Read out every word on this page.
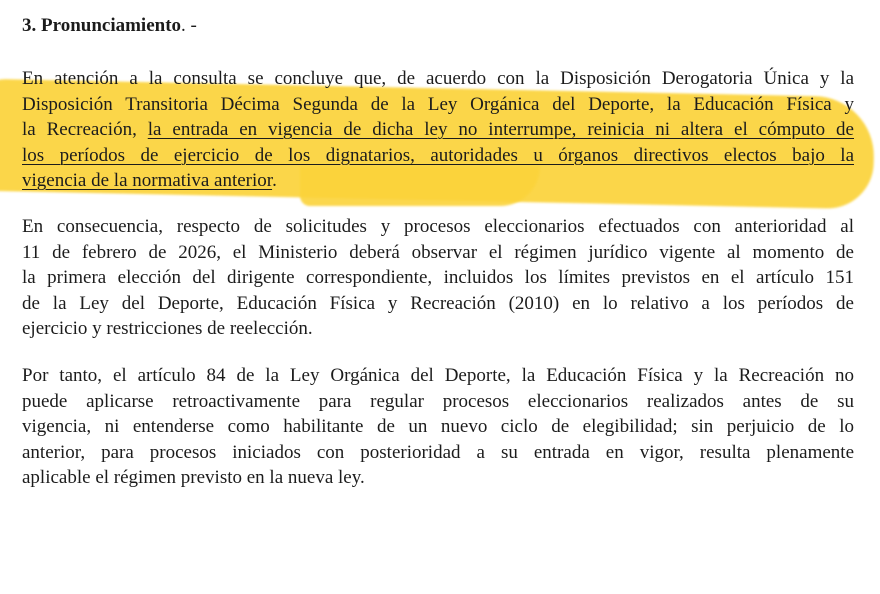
3. Pronunciamiento. -
En atención a la consulta se concluye que, de acuerdo con la Disposición Derogatoria Única y la
Disposición Transitoria Décima Segunda de la Ley Orgánica del Deporte, la Educación Física y
la Recreación, la entrada en vigencia de dicha ley no interrumpe, reinicia ni altera el cómputo de
los períodos de ejercicio de los dignatarios, autoridades u órganos directivos electos bajo la
vigencia de la normativa anterior.
En consecuencia, respecto de solicitudes y procesos eleccionarios efectuados con anterioridad al
11 de febrero de 2026, el Ministerio deberá observar el régimen jurídico vigente al momento de
la primera elección del dirigente correspondiente, incluidos los límites previstos en el artículo 151
de la Ley del Deporte, Educación Física y Recreación (2010) en lo relativo a los períodos de
ejercicio y restricciones de reelección.
Por tanto, el artículo 84 de la Ley Orgánica del Deporte, la Educación Física y la Recreación no
puede aplicarse retroactivamente para regular procesos eleccionarios realizados antes de su
vigencia, ni entenderse como habilitante de un nuevo ciclo de elegibilidad; sin perjuicio de lo
anterior, para procesos iniciados con posterioridad a su entrada en vigor, resulta plenamente
aplicable el régimen previsto en la nueva ley.
